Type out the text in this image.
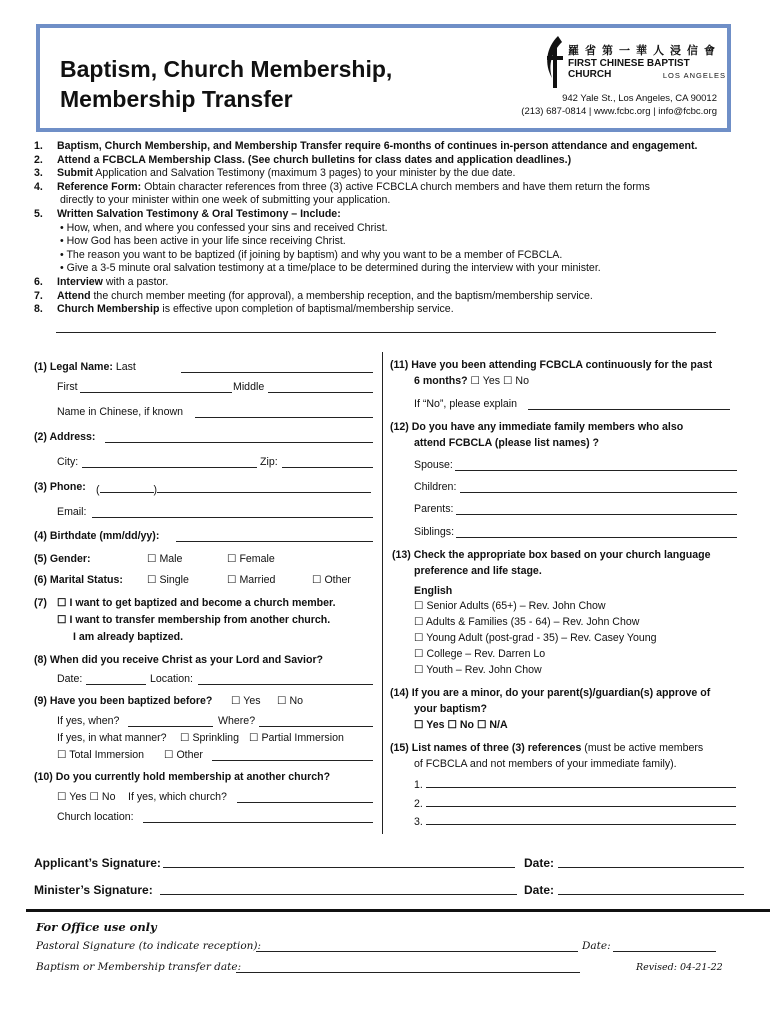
Baptism, Church Membership,
Membership Transfer
羅省第一華人浸信會
FIRST CHINESE BAPTIST CHURCH	LOS ANGELES
942 Yale St., Los Angeles, CA 90012
(213) 687-0814 | www.fcbc.org | info@fcbc.org
1.	Baptism, Church Membership, and Membership Transfer require 6-months of continues in-person attendance and engagement.
2.	Attend a FCBCLA Membership Class. (See church bulletins for class dates and application deadlines.)
3.	Submit Application and Salvation Testimony (maximum 3 pages) to your minister by the due date.
4.	Reference Form: Obtain character references from three (3) active FCBCLA church members and have them return the forms
directly to your minister within one week of submitting your application.
5.	Written Salvation Testimony & Oral Testimony – Include:
• How, when, and where you confessed your sins and received Christ.
• How God has been active in your life since receiving Christ.
• The reason you want to be baptized (if joining by baptism) and why you want to be a member of FCBCLA.
• Give a 3-5 minute oral salvation testimony at a time/place to be determined during the interview with your minister.
6.	Interview with a pastor.
7.	Attend the church member meeting (for approval), a membership reception, and the baptism/membership service.
8.	Church Membership is effective upon completion of baptismal/membership service.
(1) Legal Name: Last
First	Middle
Name in Chinese, if known
(2) Address:
City:	Zip:
(3) Phone: (	)
Email:
(4) Birthdate (mm/dd/yy):
(5) Gender:	☐ Male	☐ Female
(6) Marital Status: ☐ Single	☐ Married	☐ Other
(7) ☐ I want to get baptized and become a church member.
☐ I want to transfer membership from another church.
I am already baptized.
(8) When did you receive Christ as your Lord and Savior?
Date:	Location:
(9) Have you been baptized before? ☐ Yes ☐ No
If yes, when?	Where?
If yes, in what manner? ☐ Sprinkling ☐ Partial Immersion
☐ Total Immersion ☐ Other
(10) Do you currently hold membership at another church?
☐ Yes ☐ No If yes, which church?
Church location:
(11) Have you been attending FCBCLA continuously for the past
6 months? ☐ Yes ☐ No
If “No”, please explain
(12) Do you have any immediate family members who also
attend FCBCLA (please list names) ?
Spouse:
Children:
Parents:
Siblings:
(13) Check the appropriate box based on your church language
preference and life stage.
English
☐ Senior Adults (65+) – Rev. John Chow
☐ Adults & Families (35 - 64) – Rev. John Chow
☐ Young Adult (post-grad - 35) – Rev. Casey Young
☐ College – Rev. Darren Lo
☐ Youth – Rev. John Chow
(14) If you are a minor, do your parent(s)/guardian(s) approve of
your baptism?
☐ Yes ☐ No ☐ N/A
(15) List names of three (3) references (must be active members
of FCBCLA and not members of your immediate family).
1.
2.
3.
Applicant’s Signature:	Date:
Minister’s Signature:	Date:
For Office use only
Pastoral Signature (to indicate reception):	Date:
Baptism or Membership transfer date:	Revised: 04-21-22
